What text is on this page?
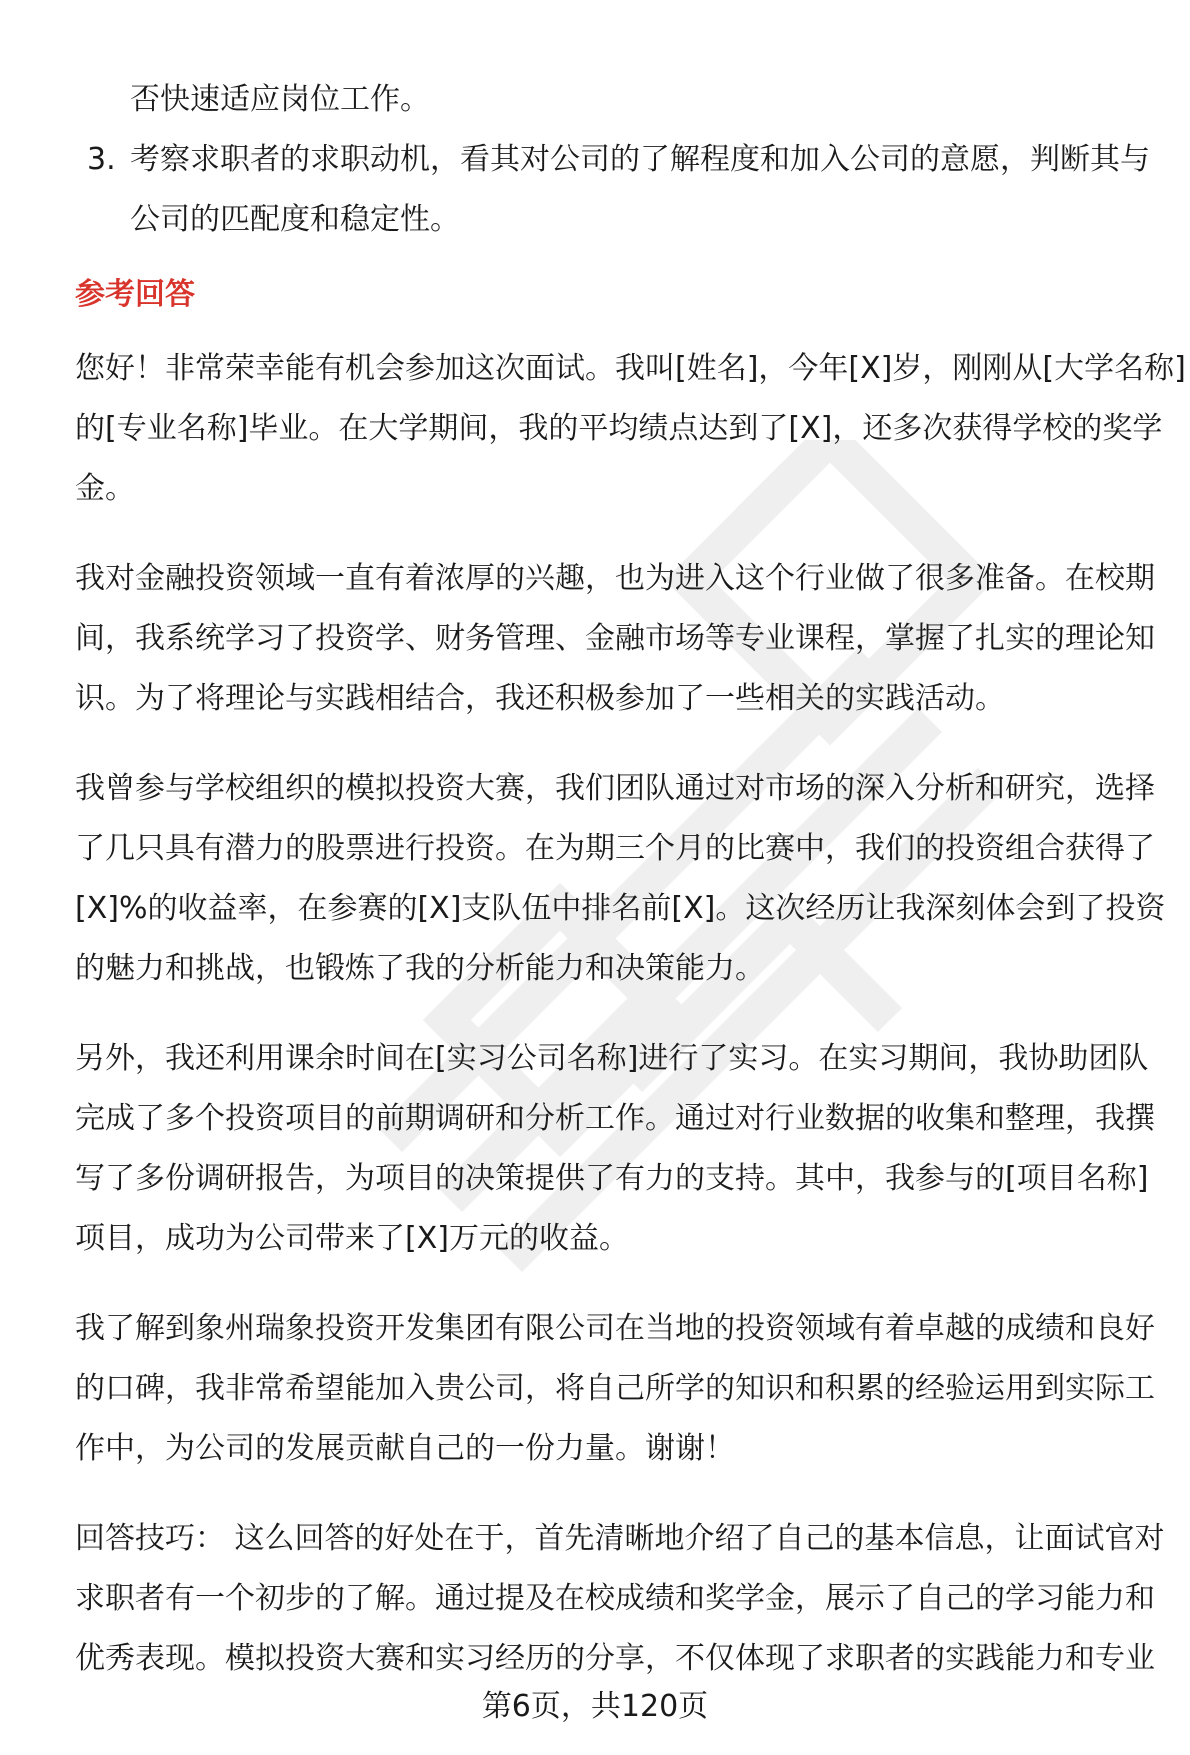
否快速适应岗位工作。
3. 考察求职者的求职动机，看其对公司的了解程度和加入公司的意愿，判断其与
公司的匹配度和稳定性。
参考回答
您好！非常荣幸能有机会参加这次面试。我叫[姓名]，今年[X]岁，刚刚从[大学名称]
的[专业名称]毕业。在大学期间，我的平均绩点达到了[X]，还多次获得学校的奖学
金。
我对金融投资领域一直有着浓厚的兴趣，也为进入这个行业做了很多准备。在校期
间，我系统学习了投资学、财务管理、金融市场等专业课程，掌握了扎实的理论知
识。为了将理论与实践相结合，我还积极参加了一些相关的实践活动。
我曾参与学校组织的模拟投资大赛，我们团队通过对市场的深入分析和研究，选择
了几只具有潜力的股票进行投资。在为期三个月的比赛中，我们的投资组合获得了
[X]%的收益率，在参赛的[X]支队伍中排名前[X]。这次经历让我深刻体会到了投资
的魅力和挑战，也锻炼了我的分析能力和决策能力。
另外，我还利用课余时间在[实习公司名称]进行了实习。在实习期间，我协助团队
完成了多个投资项目的前期调研和分析工作。通过对行业数据的收集和整理，我撰
写了多份调研报告，为项目的决策提供了有力的支持。其中，我参与的[项目名称]
项目，成功为公司带来了[X]万元的收益。
我了解到象州瑞象投资开发集团有限公司在当地的投资领域有着卓越的成绩和良好
的口碑，我非常希望能加入贵公司，将自己所学的知识和积累的经验运用到实际工
作中，为公司的发展贡献自己的一份力量。谢谢！
回答技巧： 这么回答的好处在于，首先清晰地介绍了自己的基本信息，让面试官对
求职者有一个初步的了解。通过提及在校成绩和奖学金，展示了自己的学习能力和
优秀表现。模拟投资大赛和实习经历的分享，不仅体现了求职者的实践能力和专业
第6页，共120页
